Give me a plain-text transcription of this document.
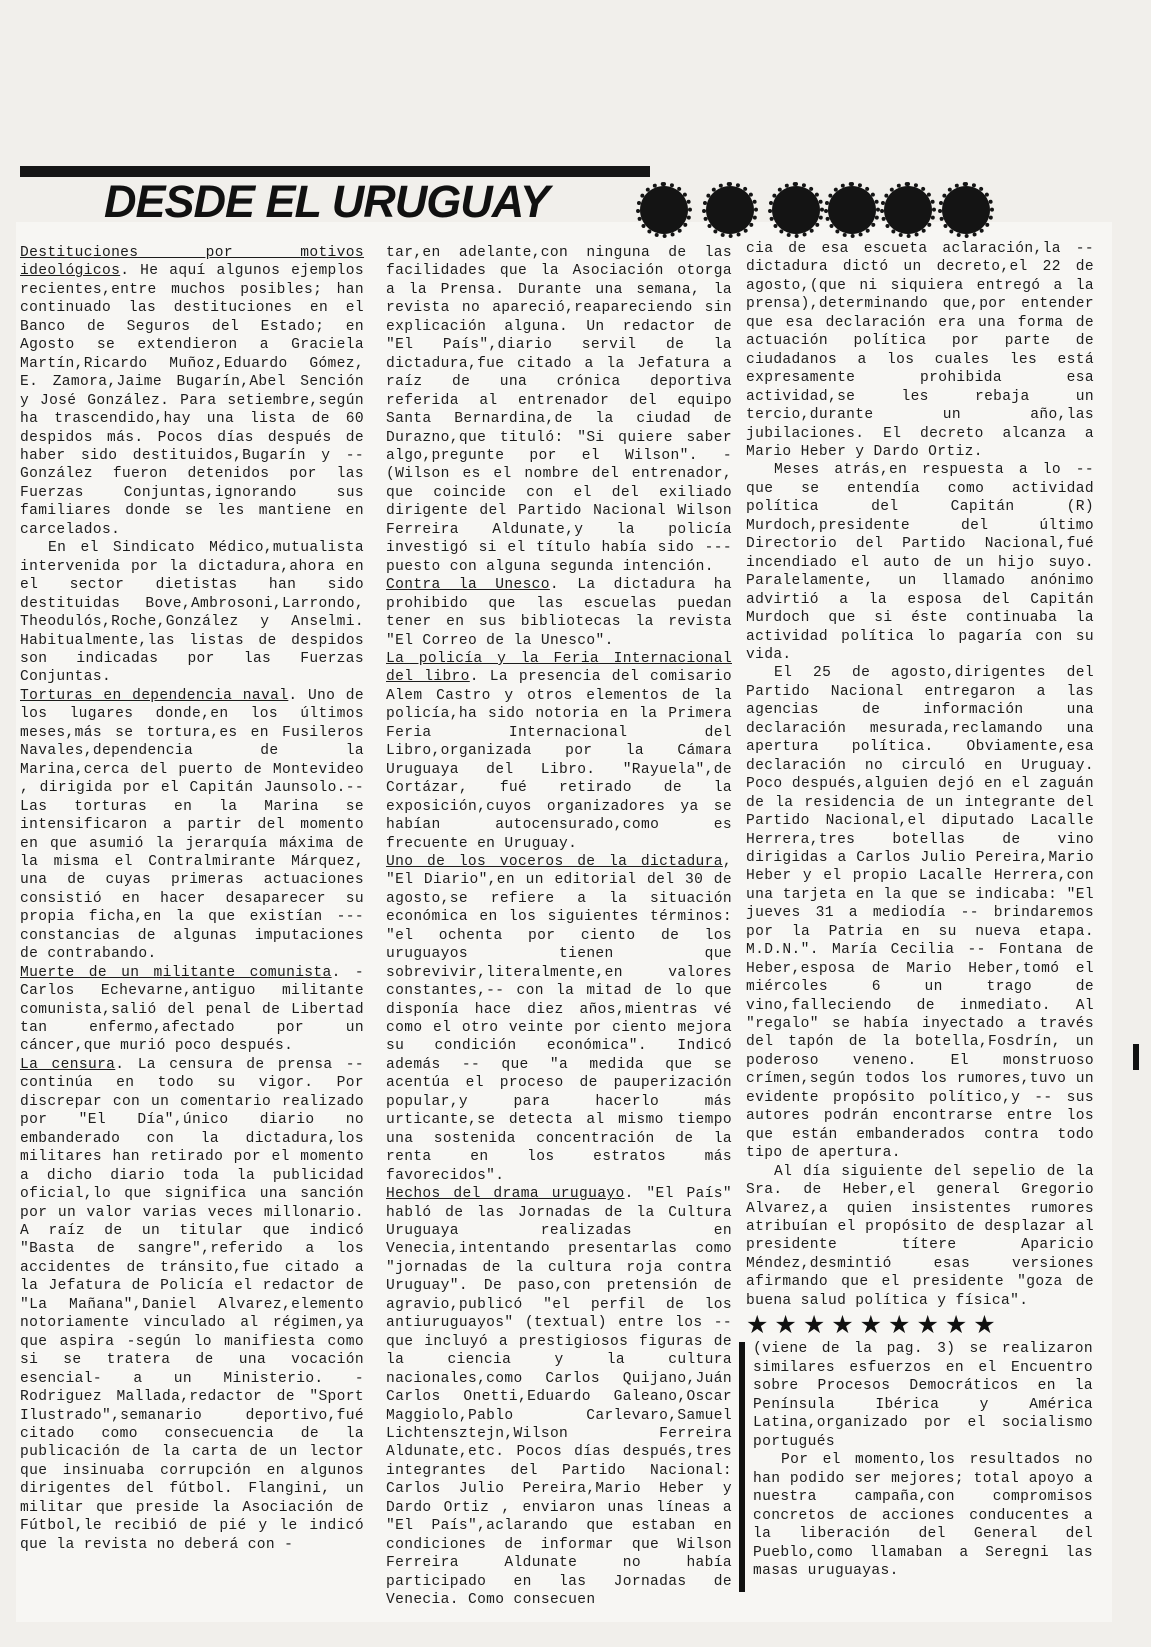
DESDE EL URUGUAY

Destituciones por motivos ideológicos. He aquí algunos ejemplos recientes,entre muchos posibles; han continuado las destituciones en el Banco de Seguros del Estado; en Agosto se extendieron a Graciela Martín,Ricardo Muñoz,Eduardo Gómez, E. Zamora,Jaime Bugarín,Abel Sención y José González. Para setiembre,según ha trascendido,hay una lista de 60 despidos más. Pocos días después de haber sido destituidos,Bugarín y -- González fueron detenidos por las Fuerzas Conjuntas,ignorando sus familiares donde se les mantiene en carcelados.

En el Sindicato Médico,mutualista intervenida por la dictadura,ahora en el sector dietistas han sido destituidas Bove,Ambrosoni,Larrondo, Theodulós,Roche,González y Anselmi. Habitualmente,las listas de despidos son indicadas por las Fuerzas Conjuntas.

Torturas en dependencia naval. Uno de los lugares donde,en los últimos meses,más se tortura,es en Fusileros Navales,dependencia de la Marina,cerca del puerto de Montevideo , dirigida por el Capitán Jaunsolo.-- Las torturas en la Marina se intensificaron a partir del momento en que asumió la jerarquía máxima de la misma el Contralmirante Márquez, una de cuyas primeras actuaciones consistió en hacer desaparecer su propia ficha,en la que existían --- constancias de algunas imputaciones de contrabando.

Muerte de un militante comunista. - Carlos Echevarne,antiguo militante comunista,salió del penal de Libertad tan enfermo,afectado por un cáncer,que murió poco después.

La censura. La censura de prensa -- continúa en todo su vigor. Por discrepar con un comentario realizado por "El Día",único diario no embanderado con la dictadura,los militares han retirado por el momento a dicho diario toda la publicidad oficial,lo que significa una sanción por un valor varias veces millonario. A raíz de un titular que indicó "Basta de sangre",referido a los accidentes de tránsito,fue citado a la Jefatura de Policía el redactor de "La Mañana",Daniel Alvarez,elemento notoriamente vinculado al régimen,ya que aspira -según lo manifiesta como si se tratera de una vocación esencial- a un Ministerio. - Rodriguez Mallada,redactor de "Sport Ilustrado",semanario deportivo,fué citado como consecuencia de la publicación de la carta de un lector que insinuaba corrupción en algunos dirigentes del fútbol. Flangini, un militar que preside la Asociación de Fútbol,le recibió de pié y le indicó que la revista no deberá con -

tar,en adelante,con ninguna de las facilidades que la Asociación otorga a la Prensa. Durante una semana, la revista no apareció,reapareciendo sin explicación alguna. Un redactor de "El País",diario servil de la dictadura,fue citado a la Jefatura a raíz de una crónica deportiva referida al entrenador del equipo Santa Bernardina,de la ciudad de Durazno,que tituló: "Si quiere saber algo,pregunte por el Wilson". - (Wilson es el nombre del entrenador, que coincide con el del exiliado dirigente del Partido Nacional Wilson Ferreira Aldunate,y la policía investigó si el título había sido --- puesto con alguna segunda intención.

Contra la Unesco. La dictadura ha prohibido que las escuelas puedan tener en sus bibliotecas la revista "El Correo de la Unesco".

La policía y la Feria Internacional del libro. La presencia del comisario Alem Castro y otros elementos de la policía,ha sido notoria en la Primera Feria Internacional del Libro,organizada por la Cámara Uruguaya del Libro. "Rayuela",de Cortázar, fué retirado de la exposición,cuyos organizadores ya se habían autocensurado,como es frecuente en Uruguay.

Uno de los voceros de la dictadura, "El Diario",en un editorial del 30 de agosto,se refiere a la situación económica en los siguientes términos: "el ochenta por ciento de los uruguayos tienen que sobrevivir,literalmente,en valores constantes,-- con la mitad de lo que disponía hace diez años,mientras vé como el otro veinte por ciento mejora su condición económica". Indicó además -- que "a medida que se acentúa el proceso de pauperización popular,y para hacerlo más urticante,se detecta al mismo tiempo una sostenida concentración de la renta en los estratos más favorecidos".

Hechos del drama uruguayo. "El País" habló de las Jornadas de la Cultura Uruguaya realizadas en Venecia,intentando presentarlas como "jornadas de la cultura roja contra Uruguay". De paso,con pretensión de agravio,publicó "el perfil de los antiuruguayos" (textual) entre los -- que incluyó a prestigiosos figuras de la ciencia y la cultura nacionales,como Carlos Quijano,Juán Carlos Onetti,Eduardo Galeano,Oscar Maggiolo,Pablo Carlevaro,Samuel Lichtensztejn,Wilson Ferreira Aldunate,etc. Pocos días después,tres integrantes del Partido Nacional: Carlos Julio Pereira,Mario Heber y Dardo Ortiz , enviaron unas líneas a "El País",aclarando que estaban en condiciones de informar que Wilson Ferreira Aldunate no había participado en las Jornadas de Venecia. Como consecuen

cia de esa escueta aclaración,la -- dictadura dictó un decreto,el 22 de agosto,(que ni siquiera entregó a la prensa),determinando que,por entender que esa declaración era una forma de actuación política por parte de ciudadanos a los cuales les está expresamente prohibida esa actividad,se les rebaja un tercio,durante un año,las jubilaciones. El decreto alcanza a Mario Heber y Dardo Ortiz.

Meses atrás,en respuesta a lo -- que se entendía como actividad política del Capitán (R) Murdoch,presidente del último Directorio del Partido Nacional,fué incendiado el auto de un hijo suyo. Paralelamente, un llamado anónimo advirtió a la esposa del Capitán Murdoch que si éste continuaba la actividad política lo pagaría con su vida.

El 25 de agosto,dirigentes del Partido Nacional entregaron a las agencias de información una declaración mesurada,reclamando una apertura política. Obviamente,esa declaración no circuló en Uruguay. Poco después,alguien dejó en el zaguán de la residencia de un integrante del Partido Nacional,el diputado Lacalle Herrera,tres botellas de vino dirigidas a Carlos Julio Pereira,Mario Heber y el propio Lacalle Herrera,con una tarjeta en la que se indicaba: "El jueves 31 a mediodía -- brindaremos por la Patria en su nueva etapa. M.D.N.". María Cecilia -- Fontana de Heber,esposa de Mario Heber,tomó el miércoles 6 un trago de vino,falleciendo de inmediato. Al "regalo" se había inyectado a través del tapón de la botella,Fosdrín, un poderoso veneno. El monstruoso crímen,según todos los rumores,tuvo un evidente propósito político,y -- sus autores podrán encontrarse entre los que están embanderados contra todo tipo de apertura.

Al día siguiente del sepelio de la Sra. de Heber,el general Gregorio Alvarez,a quien insistentes rumores atribuían el propósito de desplazar al presidente títere Aparicio Méndez,desmintió esas versiones afirmando que el presidente "goza de buena salud política y física".

★★★★★★★★★

(viene de la pag. 3) se realizaron similares esfuerzos en el Encuentro sobre Procesos Democráticos en la Península Ibérica y América Latina,organizado por el socialismo portugués

Por el momento,los resultados no han podido ser mejores; total apoyo a nuestra campaña,con compromisos concretos de acciones conducentes a la liberación del General del Pueblo,como llamaban a Seregni las masas uruguayas.
